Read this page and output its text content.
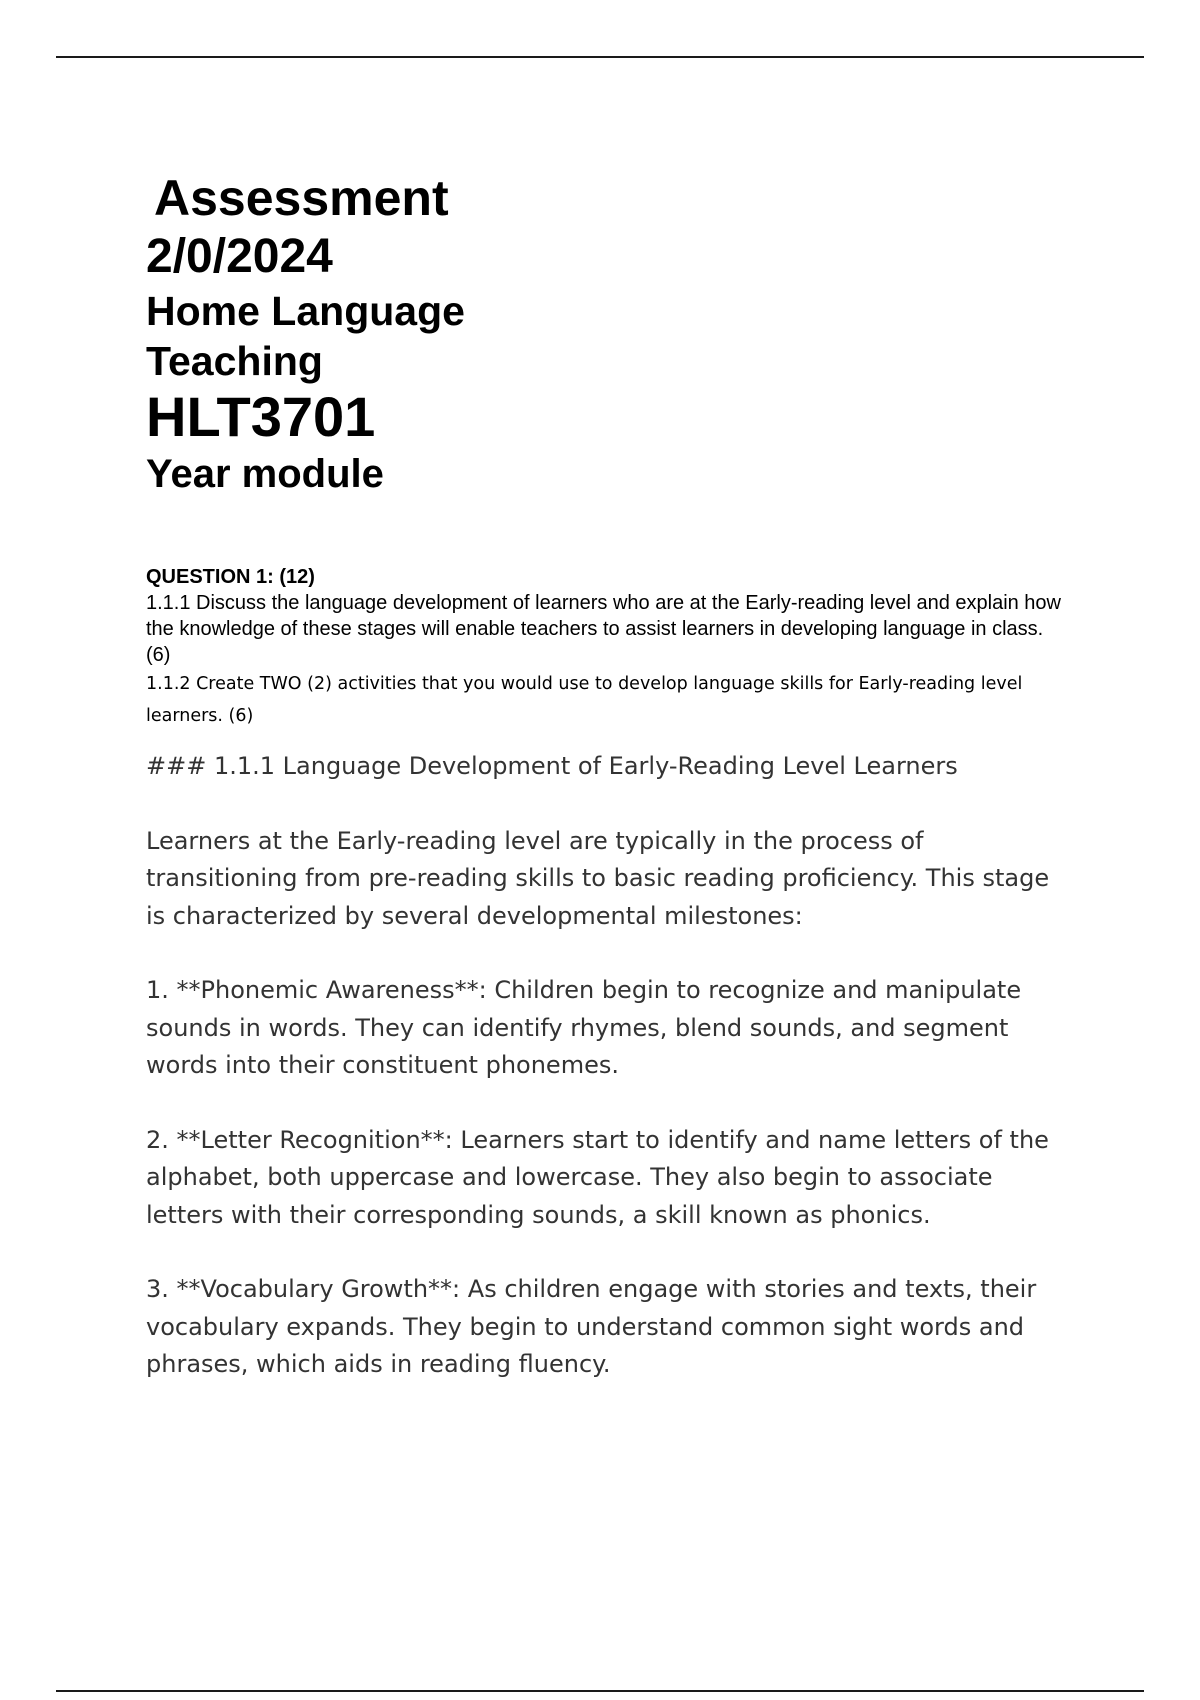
Assessment
2/0/2024
Home Language
Teaching
HLT3701
Year module
QUESTION 1: (12)
1.1.1 Discuss the language development of learners who are at the Early-reading level and explain how the knowledge of these stages will enable teachers to assist learners in developing language in class. (6)
1.1.2 Create TWO (2) activities that you would use to develop language skills for Early-reading level learners. (6)

### 1.1.1 Language Development of Early-Reading Level Learners

Learners at the Early-reading level are typically in the process of transitioning from pre-reading skills to basic reading proficiency. This stage is characterized by several developmental milestones:

1. **Phonemic Awareness**: Children begin to recognize and manipulate sounds in words. They can identify rhymes, blend sounds, and segment words into their constituent phonemes.

2. **Letter Recognition**: Learners start to identify and name letters of the alphabet, both uppercase and lowercase. They also begin to associate letters with their corresponding sounds, a skill known as phonics.

3. **Vocabulary Growth**: As children engage with stories and texts, their vocabulary expands. They begin to understand common sight words and phrases, which aids in reading fluency.
